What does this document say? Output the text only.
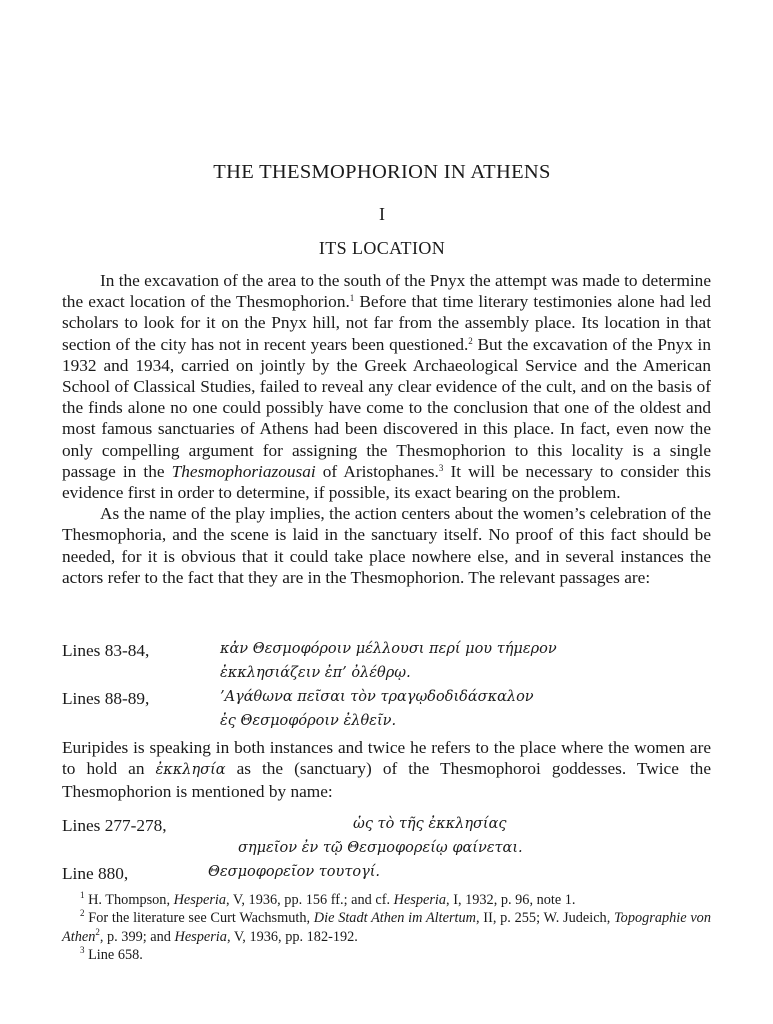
THE THESMOPHORION IN ATHENS
I
ITS LOCATION

In the excavation of the area to the south of the Pnyx the attempt was made to determine the exact location of the Thesmophorion.$^1$ Before that time literary testimonies alone had led scholars to look for it on the Pnyx hill, not far from the assembly place. Its location in that section of the city has not in recent years been questioned.$^2$ But the excavation of the Pnyx in 1932 and 1934, carried on jointly by the Greek Archaeological Service and the American School of Classical Studies, failed to reveal any clear evidence of the cult, and on the basis of the finds alone no one could possibly have come to the conclusion that one of the oldest and most famous sanctuaries of Athens had been discovered in this place. In fact, even now the only compelling argument for assigning the Thesmophorion to this locality is a single passage in the Thesmophoriazousai of Aristophanes.$^3$ It will be necessary to consider this evidence first in order to determine, if possible, its exact bearing on the problem.

As the name of the play implies, the action centers about the women’s celebration of the Thesmophoria, and the scene is laid in the sanctuary itself. No proof of this fact should be needed, for it is obvious that it could take place nowhere else, and in several instances the actors refer to the fact that they are in the Thesmophorion. The relevant passages are:

Lines 83-84,	κἀν Θεσμοφόροιν μέλλουσι περί μου τήμερον
ἐκκλησιάζειν ἐπ’ ὀλέθρῳ.
Lines 88-89,	’Αγάθωνα πεῖσαι τὸν τραγῳδοδιδάσκαλον
ἐς Θεσμοφόροιν ἐλθεῖν.

Euripides is speaking in both instances and twice he refers to the place where the women are to hold an ἐκκλησία as the (sanctuary) of the Thesmophoroi goddesses. Twice the Thesmophorion is mentioned by name:

Lines 277-278,	ὡς τὸ τῆς ἐκκλησίας
σημεῖον ἐν τῷ Θεσμοφορείῳ φαίνεται.
Line 880,	Θεσμοφορεῖον τουτογί.

$^1$ H. Thompson, Hesperia, V, 1936, pp. 156 ff.; and cf. Hesperia, I, 1932, p. 96, note 1.

$^2$ For the literature see Curt Wachsmuth, Die Stadt Athen im Altertum, II, p. 255; W. Judeich, Topographie von Athen$^2$, p. 399; and Hesperia, V, 1936, pp. 182-192.

$^3$ Line 658.
